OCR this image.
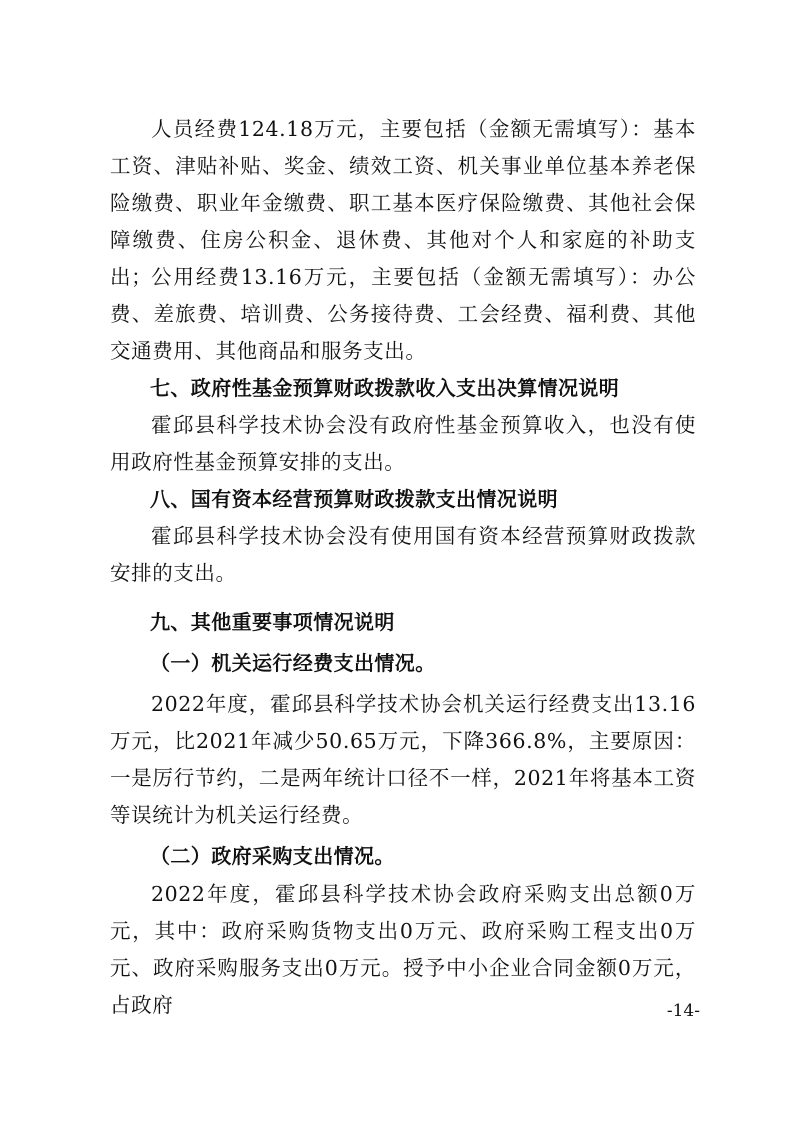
人员经费124.18万元，主要包括（金额无需填写）：基本工资、津贴补贴、奖金、绩效工资、机关事业单位基本养老保险缴费、职业年金缴费、职工基本医疗保险缴费、其他社会保障缴费、住房公积金、退休费、其他对个人和家庭的补助支出；

公用经费13.16万元，主要包括（金额无需填写）：办公费、差旅费、培训费、公务接待费、工会经费、福利费、其他交通费用、其他商品和服务支出。

七、政府性基金预算财政拨款收入支出决算情况说明

霍邱县科学技术协会没有政府性基金预算收入，也没有使用政府性基金预算安排的支出。

八、国有资本经营预算财政拨款支出情况说明

霍邱县科学技术协会没有使用国有资本经营预算财政拨款安排的支出。

九、其他重要事项情况说明

（一）机关运行经费支出情况。

2022年度，霍邱县科学技术协会机关运行经费支出13.16万元，比2021年减少50.65万元，下降366.8%，主要原因：一是厉行节约，二是两年统计口径不一样，2021年将基本工资等误统计为机关运行经费。

（二）政府采购支出情况。

2022年度，霍邱县科学技术协会政府采购支出总额0万元，其中：政府采购货物支出0万元、政府采购工程支出0万元、政府采购服务支出0万元。授予中小企业合同金额0万元，占政府	-14-
